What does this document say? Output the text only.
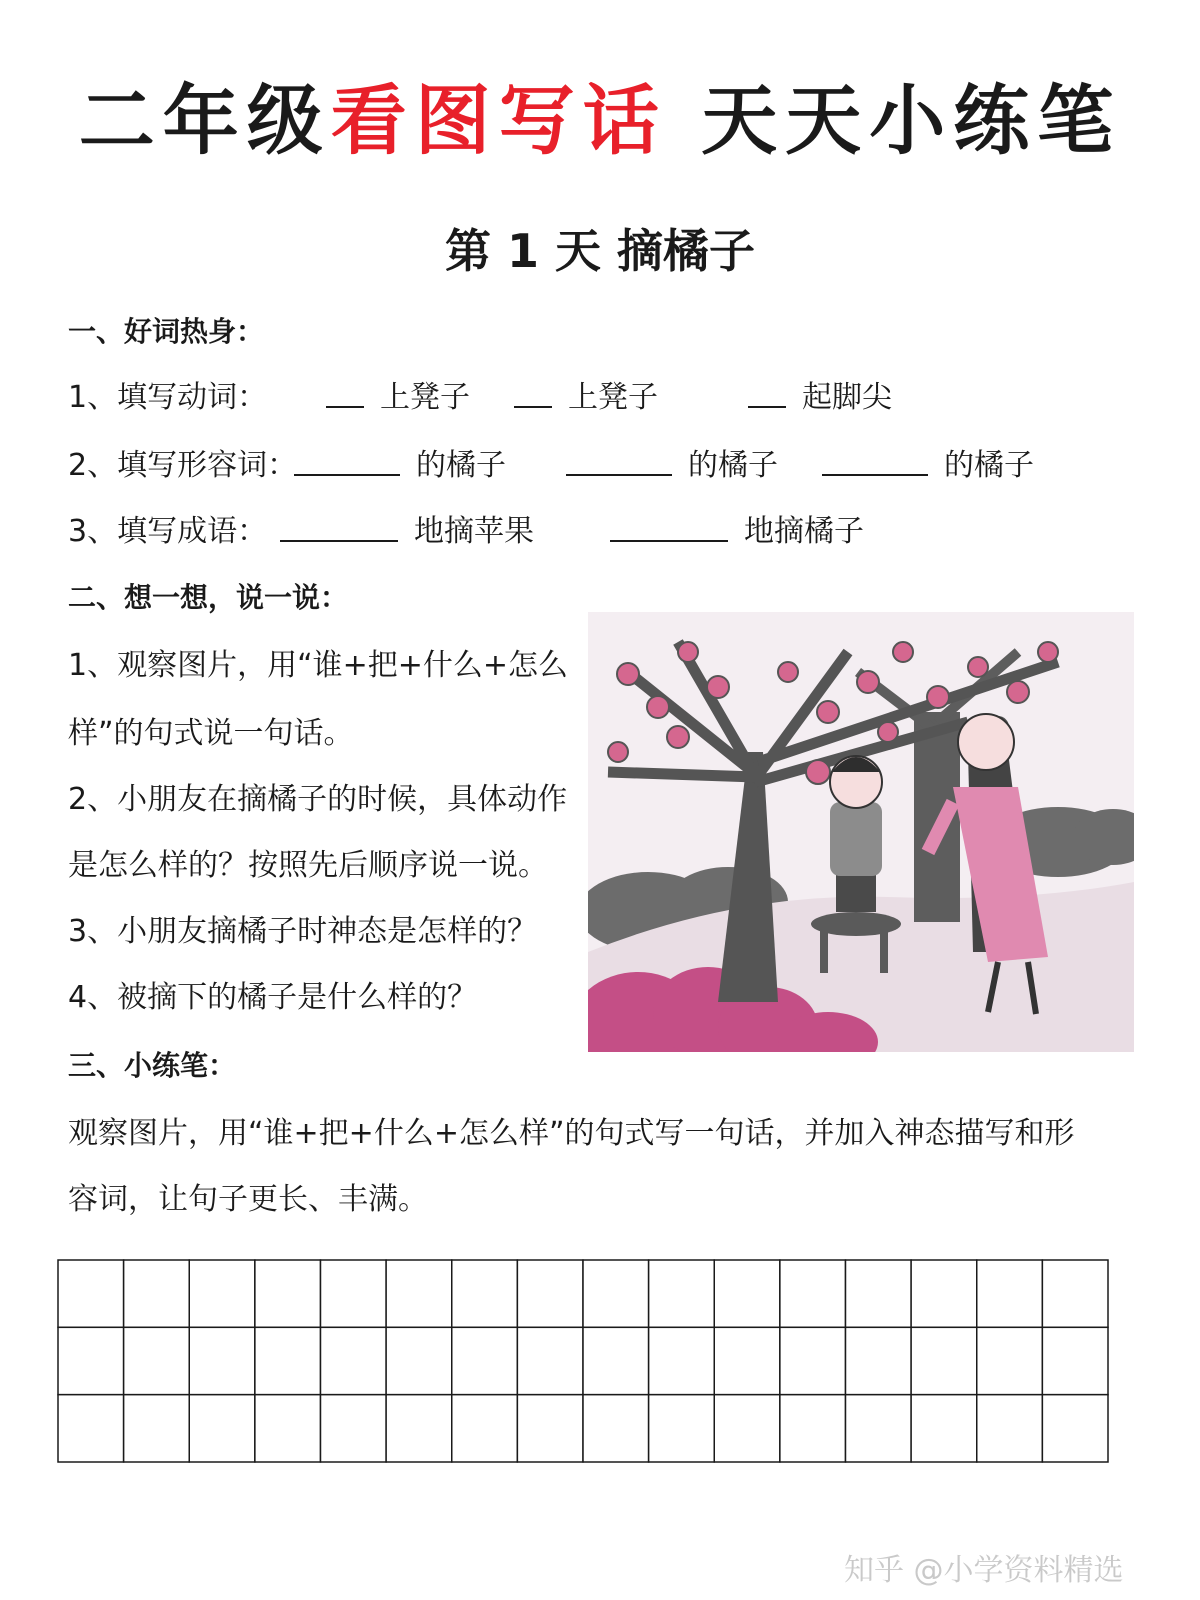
二年级看图写话 天天小练笔
第 1 天 摘橘子
一、好词热身：
1、填写动词：	上凳子	上凳子	起脚尖
2、填写形容词：	的橘子	的橘子	的橘子
3、填写成语：	地摘苹果	地摘橘子
二、想一想，说一说：
1、观察图片，用“谁+把+什么+怎么
样”的句式说一句话。
2、小朋友在摘橘子的时候，具体动作
是怎么样的？按照先后顺序说一说。
3、小朋友摘橘子时神态是怎样的？
4、被摘下的橘子是什么样的？
三、小练笔：
观察图片，用“谁+把+什么+怎么样”的句式写一句话，并加入神态描写和形
容词，让句子更长、丰满。
知乎 @小学资料精选
